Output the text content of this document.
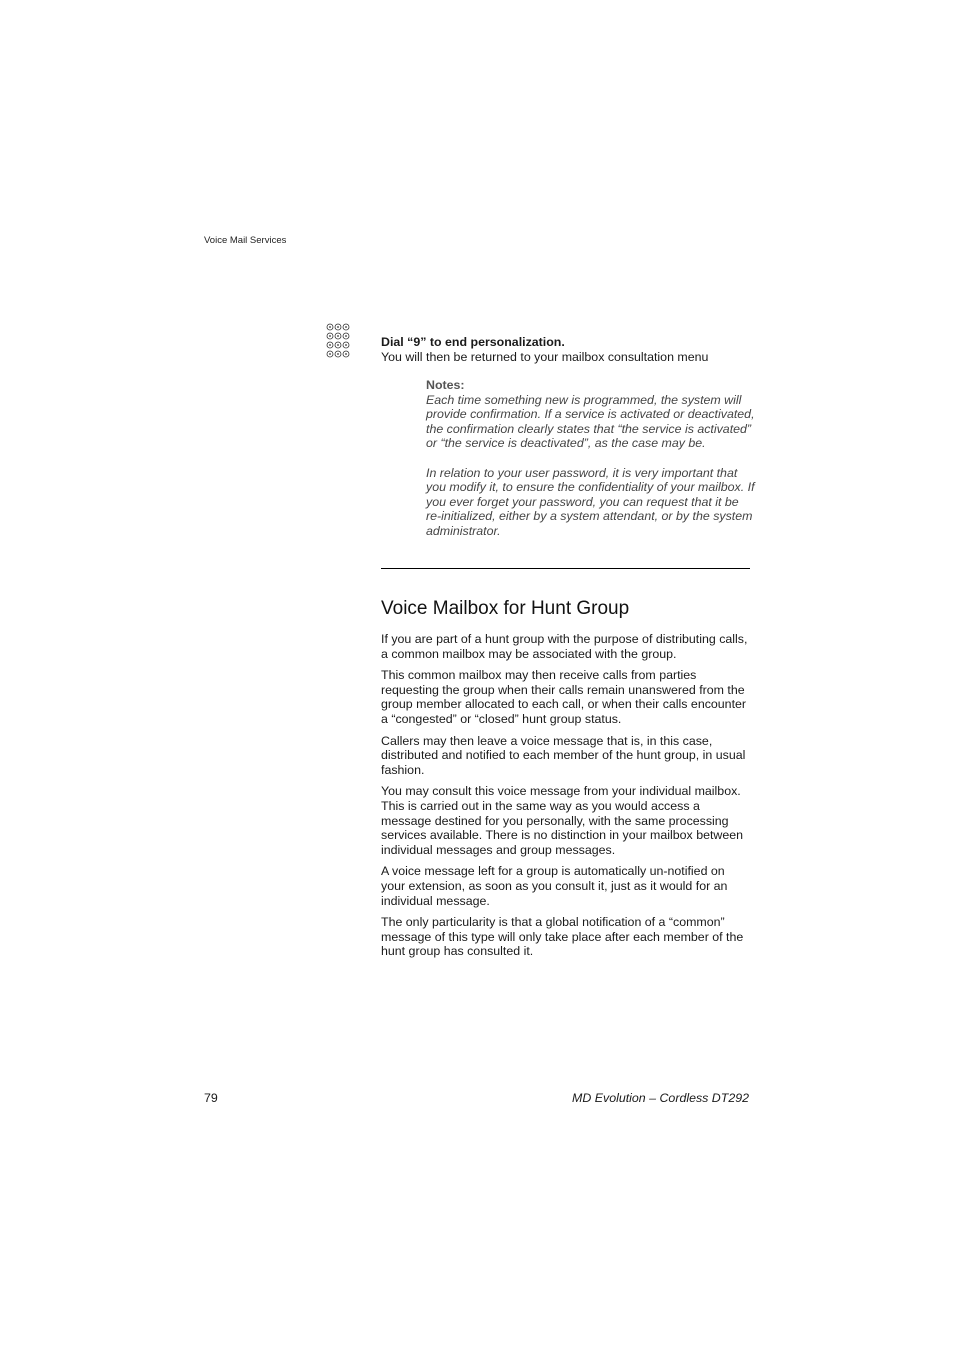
Voice Mail Services
Dial “9” to end personalization.
You will then be returned to your mailbox consultation menu
Notes:

Each time something new is programmed, the system will provide confirmation. If a service is activated or deactivated, the confirmation clearly states that “the service is activated” or “the service is deactivated”, as the case may be.

In relation to your user password, it is very important that you modify it, to ensure the confidentiality of your mailbox. If you ever forget your password, you can request that it be re-initialized, either by a system attendant, or by the system administrator.

Voice Mailbox for Hunt Group

If you are part of a hunt group with the purpose of distributing calls, a common mailbox may be associated with the group.

This common mailbox may then receive calls from parties requesting the group when their calls remain unanswered from the group member allocated to each call, or when their calls encounter a “congested” or “closed” hunt group status.

Callers may then leave a voice message that is, in this case, distributed and notified to each member of the hunt group, in usual fashion.

You may consult this voice message from your individual mailbox. This is carried out in the same way as you would access a message destined for you personally, with the same processing services available. There is no distinction in your mailbox between individual messages and group messages.

A voice message left for a group is automatically un-notified on your extension, as soon as you consult it, just as it would for an individual message.

The only particularity is that a global notification of a “common” message of this type will only take place after each member of the hunt group has consulted it.

79	MD Evolution – Cordless DT292
